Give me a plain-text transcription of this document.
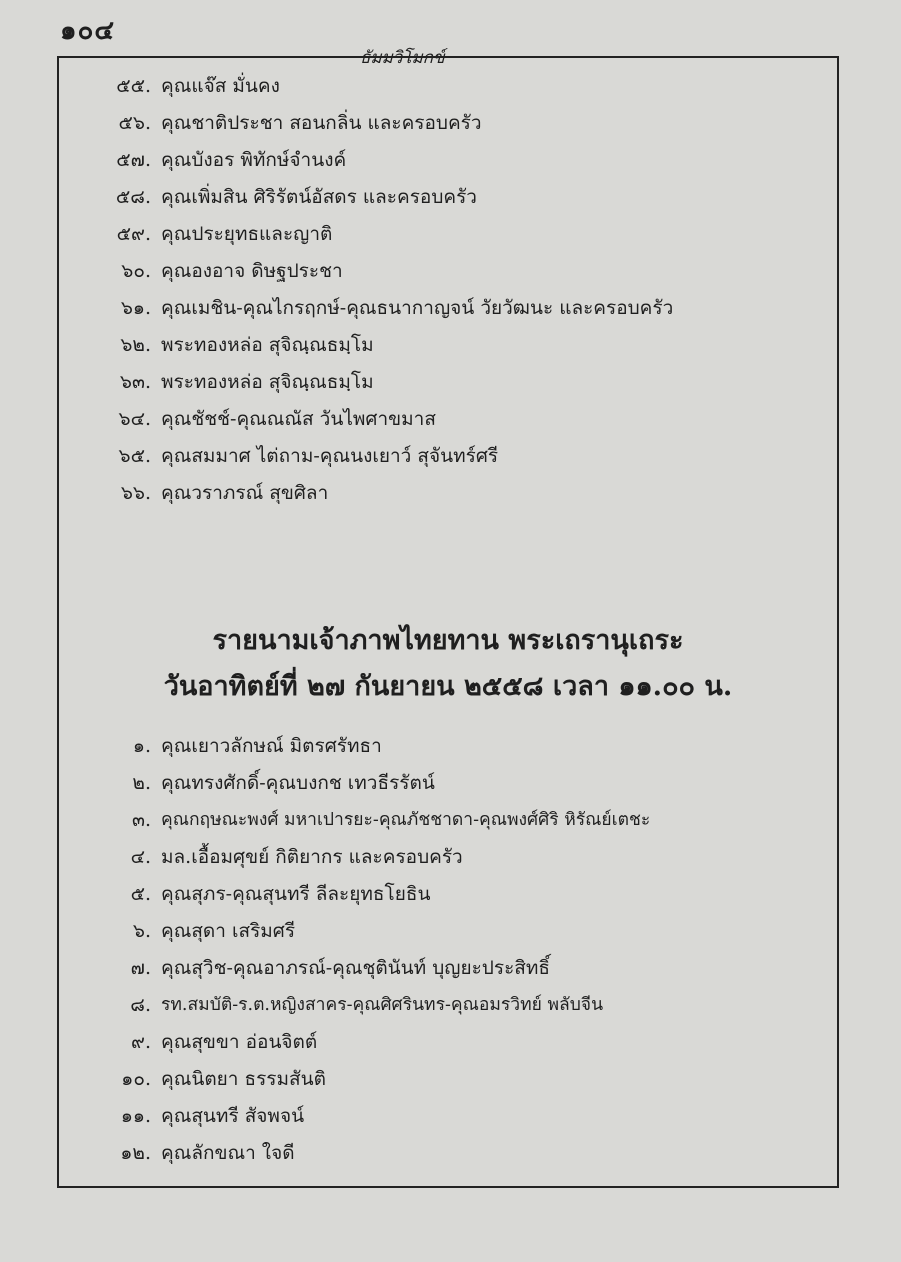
๑๐๔
ธัมมวิโมกข์
๕๕. คุณแจ๊ส มั่นคง
๕๖. คุณชาติประชา สอนกลิ่น และครอบครัว
๕๗. คุณบังอร พิทักษ์จำนงค์
๕๘. คุณเพิ่มสิน ศิริรัตน์อัสดร และครอบครัว
๕๙. คุณประยุทธและญาติ
๖๐. คุณองอาจ ดิษฐประชา
๖๑. คุณเมชิน-คุณไกรฤกษ์-คุณธนากาญจน์ วัยวัฒนะ และครอบครัว
๖๒. พระทองหล่อ สุจิณฺณธมฺโม
๖๓. พระทองหล่อ สุจิณฺณธมฺโม
๖๔. คุณชัชช์-คุณณณัส วันไพศาขมาส
๖๕. คุณสมมาศ ไต่ถาม-คุณนงเยาว์ สุจันทร์ศรี
๖๖. คุณวราภรณ์ สุขศิลา
รายนามเจ้าภาพไทยทาน พระเถรานุเถระ
วันอาทิตย์ที่ ๒๗ กันยายน ๒๕๕๘ เวลา ๑๑.๐๐ น.
๑. คุณเยาวลักษณ์ มิตรศรัทธา
๒. คุณทรงศักดิ์-คุณบงกช เทวธีรรัตน์
๓. คุณกฤษณะพงศ์ มหาเปารยะ-คุณภัชชาดา-คุณพงศ์ศิริ หิรัณย์เตชะ
๔. มล.เอื้อมศุขย์ กิติยากร และครอบครัว
๕. คุณสุภร-คุณสุนทรี ลีละยุทธโยธิน
๖. คุณสุดา เสริมศรี
๗. คุณสุวิช-คุณอาภรณ์-คุณชุตินันท์ บุญยะประสิทธิ์
๘. รท.สมบัติ-ร.ต.หญิงสาคร-คุณศิศรินทร-คุณอมรวิทย์ พลับจีน
๙. คุณสุขขา อ่อนจิตต์
๑๐. คุณนิตยา ธรรมสันติ
๑๑. คุณสุนทรี สัจพจน์
๑๒. คุณลักขณา ใจดี
